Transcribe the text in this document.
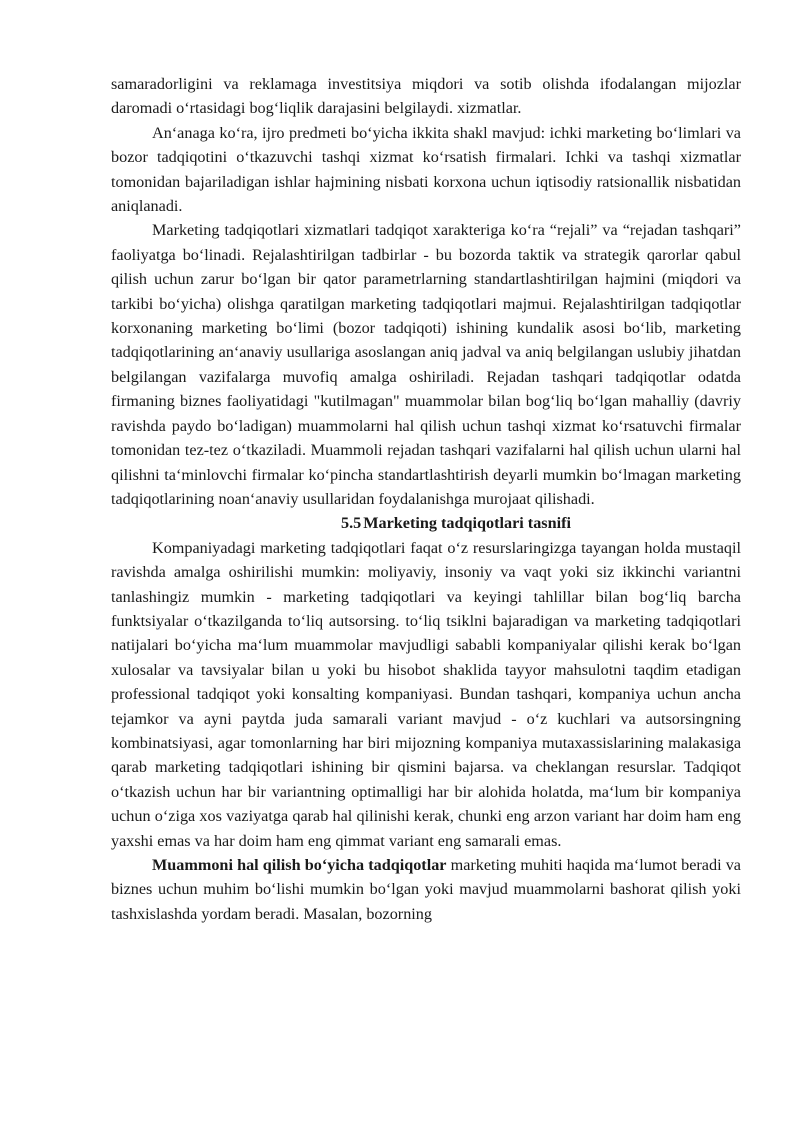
samaradorligini va reklamaga investitsiya miqdori va sotib olishda ifodalangan mijozlar daromadi o‘rtasidagi bog‘liqlik darajasini belgilaydi. xizmatlar.

An‘anaga ko‘ra, ijro predmeti bo‘yicha ikkita shakl mavjud: ichki marketing bo‘limlari va bozor tadqiqotini o‘tkazuvchi tashqi xizmat ko‘rsatish firmalari. Ichki va tashqi xizmatlar tomonidan bajariladigan ishlar hajmining nisbati korxona uchun iqtisodiy ratsionallik nisbatidan aniqlanadi.

Marketing tadqiqotlari xizmatlari tadqiqot xarakteriga ko‘ra “rejali” va “rejadan tashqari” faoliyatga bo‘linadi. Rejalashtirilgan tadbirlar - bu bozorda taktik va strategik qarorlar qabul qilish uchun zarur bo‘lgan bir qator parametrlarning standartlashtirilgan hajmini (miqdori va tarkibi bo‘yicha) olishga qaratilgan marketing tadqiqotlari majmui. Rejalashtirilgan tadqiqotlar korxonaning marketing bo‘limi (bozor tadqiqoti) ishining kundalik asosi bo‘lib, marketing tadqiqotlarining an‘anaviy usullariga asoslangan aniq jadval va aniq belgilangan uslubiy jihatdan belgilangan vazifalarga muvofiq amalga oshiriladi. Rejadan tashqari tadqiqotlar odatda firmaning biznes faoliyatidagi "kutilmagan" muammolar bilan bog‘liq bo‘lgan mahalliy (davriy ravishda paydo bo‘ladigan) muammolarni hal qilish uchun tashqi xizmat ko‘rsatuvchi firmalar tomonidan tez-tez o‘tkaziladi. Muammoli rejadan tashqari vazifalarni hal qilish uchun ularni hal qilishni ta‘minlovchi firmalar ko‘pincha standartlashtirish deyarli mumkin bo‘lmagan marketing tadqiqotlarining noan‘anaviy usullaridan foydalanishga murojaat qilishadi.

5.5 Marketing tadqiqotlari tasnifi

Kompaniyadagi marketing tadqiqotlari faqat o‘z resurslaringizga tayangan holda mustaqil ravishda amalga oshirilishi mumkin: moliyaviy, insoniy va vaqt yoki siz ikkinchi variantni tanlashingiz mumkin - marketing tadqiqotlari va keyingi tahlillar bilan bog‘liq barcha funktsiyalar o‘tkazilganda to‘liq autsorsing. to‘liq tsiklni bajaradigan va marketing tadqiqotlari natijalari bo‘yicha ma‘lum muammolar mavjudligi sababli kompaniyalar qilishi kerak bo‘lgan xulosalar va tavsiyalar bilan u yoki bu hisobot shaklida tayyor mahsulotni taqdim etadigan professional tadqiqot yoki konsalting kompaniyasi. Bundan tashqari, kompaniya uchun ancha tejamkor va ayni paytda juda samarali variant mavjud - o‘z kuchlari va autsorsingning kombinatsiyasi, agar tomonlarning har biri mijozning kompaniya mutaxassislarining malakasiga qarab marketing tadqiqotlari ishining bir qismini bajarsa. va cheklangan resurslar. Tadqiqot o‘tkazish uchun har bir variantning optimalligi har bir alohida holatda, ma‘lum bir kompaniya uchun o‘ziga xos vaziyatga qarab hal qilinishi kerak, chunki eng arzon variant har doim ham eng yaxshi emas va har doim ham eng qimmat variant eng samarali emas.

Muammoni hal qilish bo‘yicha tadqiqotlar marketing muhiti haqida ma‘lumot beradi va biznes uchun muhim bo‘lishi mumkin bo‘lgan yoki mavjud muammolarni bashorat qilish yoki tashxislashda yordam beradi. Masalan, bozorning
